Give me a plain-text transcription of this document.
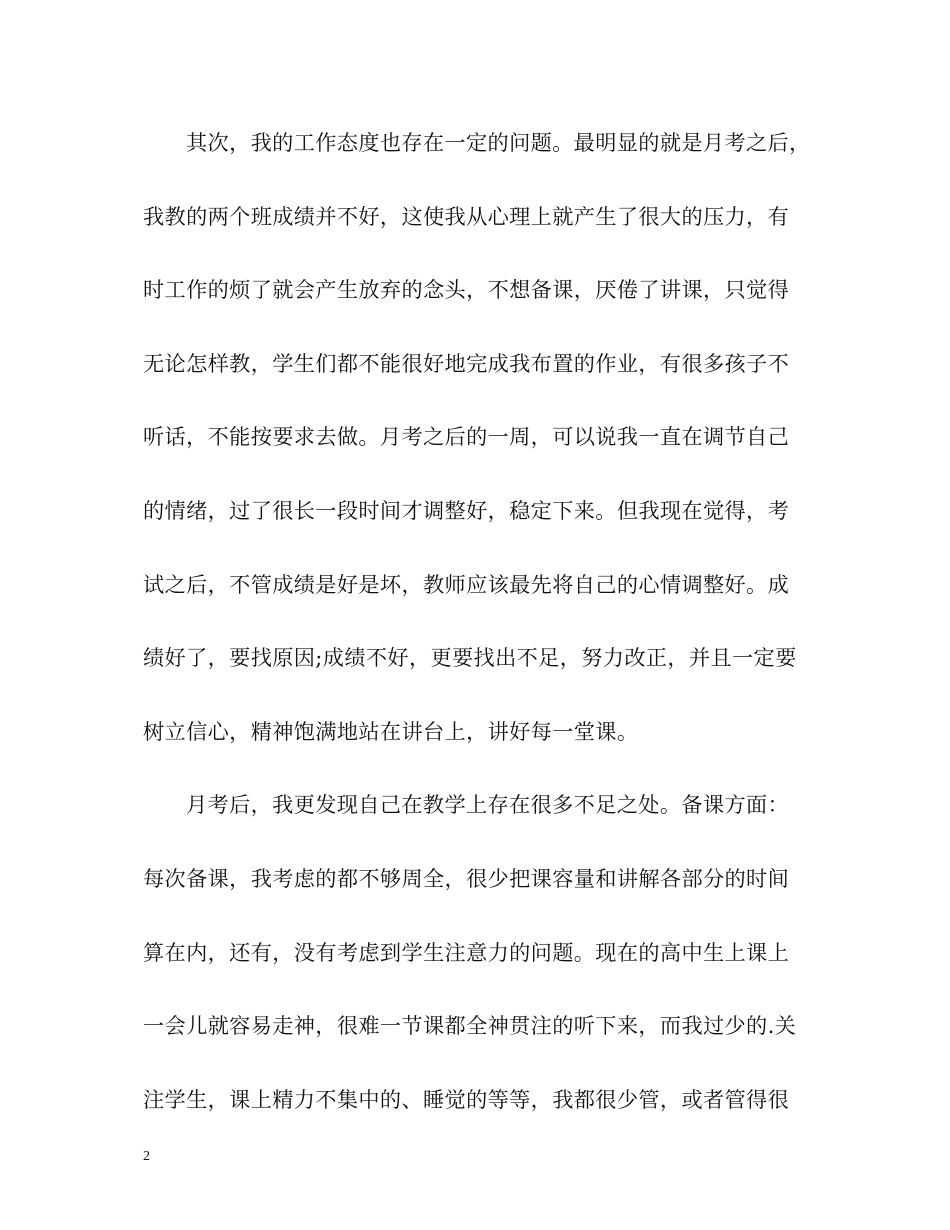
其次，我的工作态度也存在一定的问题。最明显的就是月考之后，
我教的两个班成绩并不好，这使我从心理上就产生了很大的压力，有
时工作的烦了就会产生放弃的念头，不想备课，厌倦了讲课，只觉得
无论怎样教，学生们都不能很好地完成我布置的作业，有很多孩子不
听话，不能按要求去做。月考之后的一周，可以说我一直在调节自己
的情绪，过了很长一段时间才调整好，稳定下来。但我现在觉得，考
试之后，不管成绩是好是坏，教师应该最先将自己的心情调整好。成
绩好了，要找原因;成绩不好，更要找出不足，努力改正，并且一定要
树立信心，精神饱满地站在讲台上，讲好每一堂课。
月考后，我更发现自己在教学上存在很多不足之处。备课方面：
每次备课，我考虑的都不够周全，很少把课容量和讲解各部分的时间
算在内，还有，没有考虑到学生注意力的问题。现在的高中生上课上
一会儿就容易走神，很难一节课都全神贯注的听下来，而我过少的.关
注学生，课上精力不集中的、睡觉的等等，我都很少管，或者管得很
2
